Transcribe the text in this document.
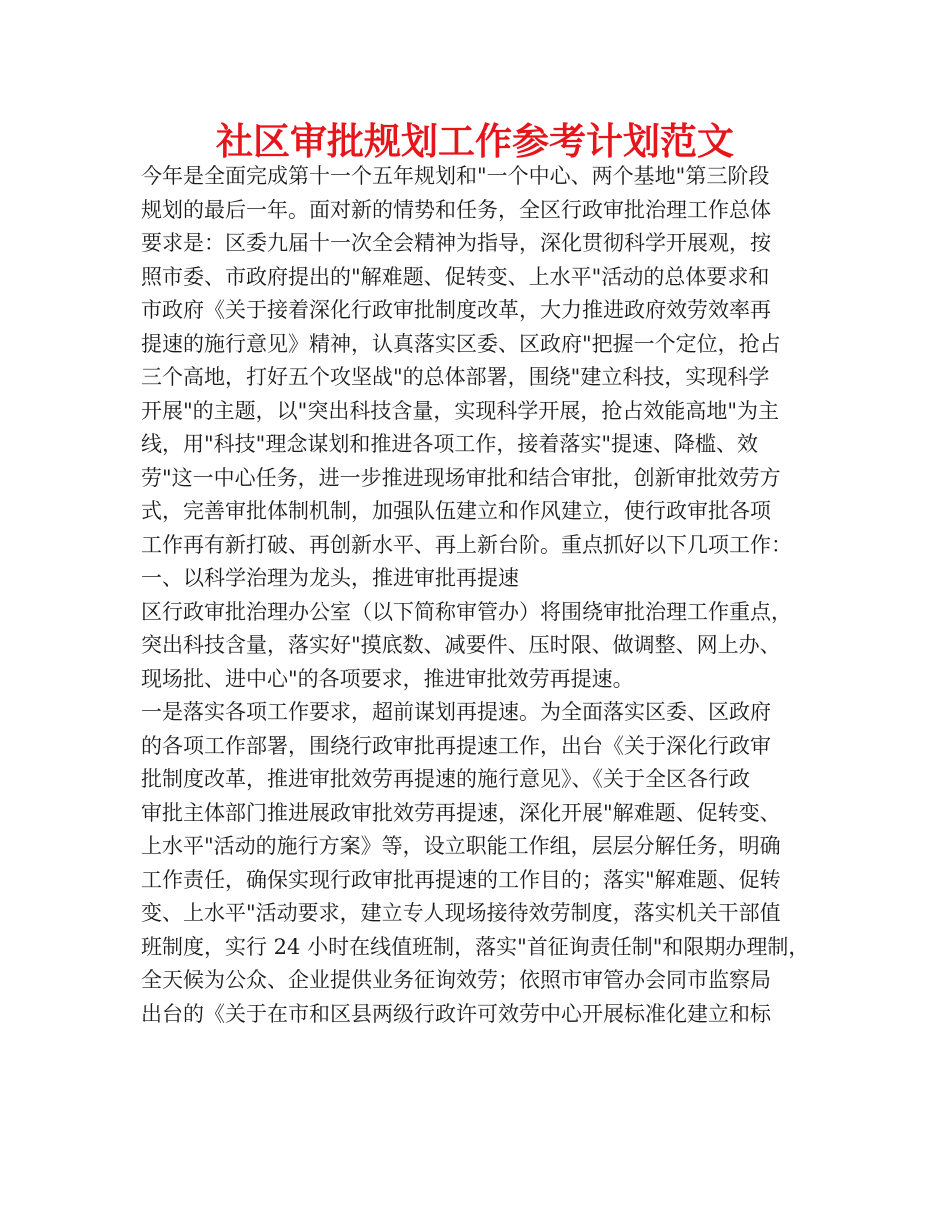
社区审批规划工作参考计划范文
今年是全面完成第十一个五年规划和"一个中心、两个基地"第三阶段
规划的最后一年。面对新的情势和任务，全区行政审批治理工作总体
要求是：区委九届十一次全会精神为指导，深化贯彻科学开展观，按
照市委、市政府提出的"解难题、促转变、上水平"活动的总体要求和
市政府《关于接着深化行政审批制度改革，大力推进政府效劳效率再
提速的施行意见》精神，认真落实区委、区政府"把握一个定位，抢占
三个高地，打好五个攻坚战"的总体部署，围绕"建立科技，实现科学
开展"的主题，以"突出科技含量，实现科学开展，抢占效能高地"为主
线，用"科技"理念谋划和推进各项工作，接着落实"提速、降槛、效
劳"这一中心任务，进一步推进现场审批和结合审批，创新审批效劳方
式，完善审批体制机制，加强队伍建立和作风建立，使行政审批各项
工作再有新打破、再创新水平、再上新台阶。重点抓好以下几项工作：
一、以科学治理为龙头，推进审批再提速
区行政审批治理办公室（以下简称审管办）将围绕审批治理工作重点，
突出科技含量，落实好"摸底数、减要件、压时限、做调整、网上办、
现场批、进中心"的各项要求，推进审批效劳再提速。
一是落实各项工作要求，超前谋划再提速。为全面落实区委、区政府
的各项工作部署，围绕行政审批再提速工作，出台《关于深化行政审
批制度改革，推进审批效劳再提速的施行意见》、《关于全区各行政
审批主体部门推进展政审批效劳再提速，深化开展"解难题、促转变、
上水平"活动的施行方案》等，设立职能工作组，层层分解任务，明确
工作责任，确保实现行政审批再提速的工作目的；落实"解难题、促转
变、上水平"活动要求，建立专人现场接待效劳制度，落实机关干部值
班制度，实行 24 小时在线值班制，落实"首征询责任制"和限期办理制，
全天候为公众、企业提供业务征询效劳；依照市审管办会同市监察局
出台的《关于在市和区县两级行政许可效劳中心开展标准化建立和标
